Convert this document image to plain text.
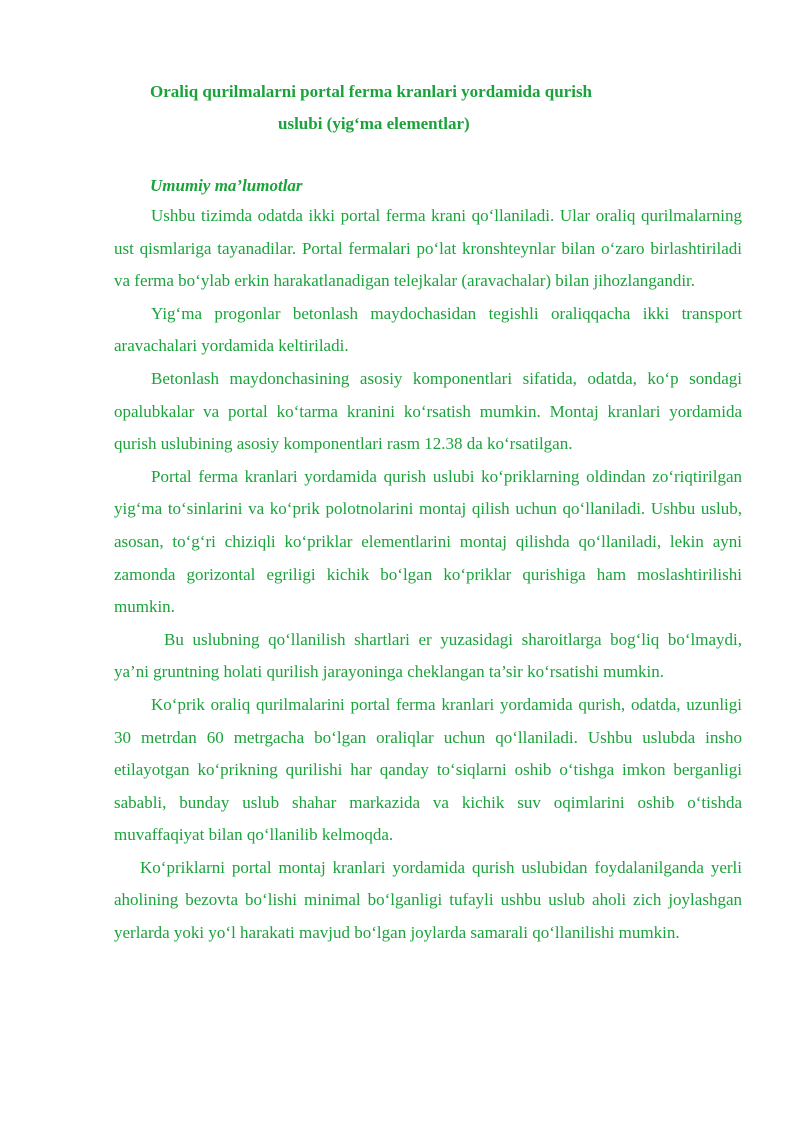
Oraliq qurilmalarni portal ferma kranlari yordamida qurish
uslubi (yig‘ma elementlar)
Umumiy ma’lumotlar

Ushbu tizimda odatda ikki portal ferma krani qo‘llaniladi. Ular oraliq qurilmalarning ust qismlariga tayanadilar. Portal fermalari po‘lat kronshteynlar bilan o‘zaro birlashtiriladi va ferma bo‘ylab erkin harakatlanadigan telejkalar (aravachalar) bilan jihozlangandir.

Yig‘ma progonlar betonlash maydochasidan tegishli oraliqqacha ikki transport aravachalari yordamida keltiriladi.

Betonlash maydonchasining asosiy komponentlari sifatida, odatda, ko‘p sondagi opalubkalar va portal ko‘tarma kranini ko‘rsatish mumkin. Montaj kranlari yordamida qurish uslubining asosiy komponentlari rasm 12.38 da ko‘rsatilgan.

Portal ferma kranlari yordamida qurish uslubi ko‘priklarning oldindan zo‘riqtirilgan yig‘ma to‘sinlarini va ko‘prik polotnolarini montaj qilish uchun qo‘llaniladi. Ushbu uslub, asosan, to‘g‘ri chiziqli ko‘priklar elementlarini montaj qilishda qo‘llaniladi, lekin ayni zamonda gorizontal egriligi kichik bo‘lgan ko‘priklar qurishiga ham moslashtirilishi mumkin.

Bu uslubning qo‘llanilish shartlari er yuzasidagi sharoitlarga bog‘liq bo‘lmaydi, ya’ni gruntning holati qurilish jarayoninga cheklangan ta’sir ko‘rsatishi mumkin.

Ko‘prik oraliq qurilmalarini portal ferma kranlari yordamida qurish, odatda, uzunligi 30 metrdan 60 metrgacha bo‘lgan oraliqlar uchun qo‘llaniladi. Ushbu uslubda insho etilayotgan ko‘prikning qurilishi har qanday to‘siqlarni oshib o‘tishga imkon berganligi sababli, bunday uslub shahar markazida va kichik suv oqimlarini oshib o‘tishda muvaffaqiyat bilan qo‘llanilib kelmoqda.

Ko‘priklarni portal montaj kranlari yordamida qurish uslubidan foydalanilganda yerli aholining bezovta bo‘lishi minimal bo‘lganligi tufayli ushbu uslub aholi zich joylashgan yerlarda yoki yo‘l harakati mavjud bo‘lgan joylarda samarali qo‘llanilishi mumkin.
